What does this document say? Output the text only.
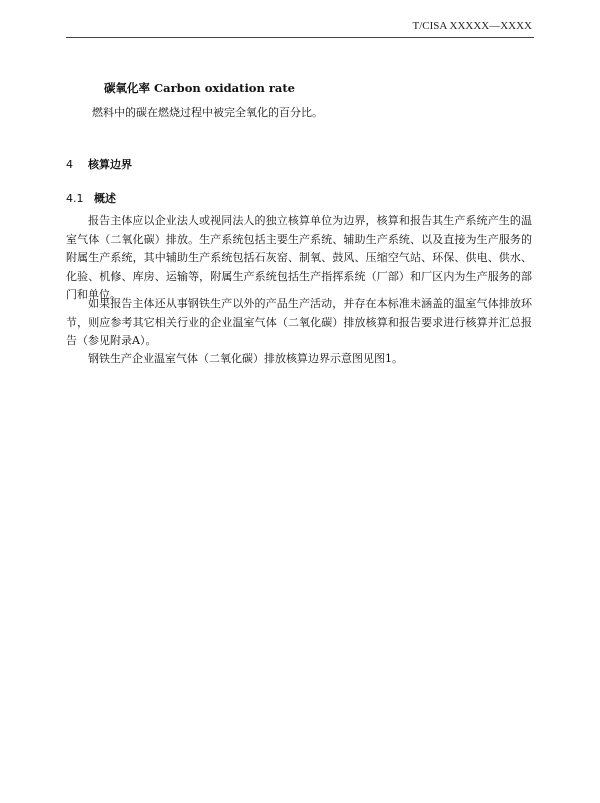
T/CISA XXXXX—XXXX
碳氧化率 Carbon oxidation rate
燃料中的碳在燃烧过程中被完全氧化的百分比。
4 核算边界
4.1 概述

报告主体应以企业法人或视同法人的独立核算单位为边界，核算和报告其生产系统产生的温室气体（二氧化碳）排放。生产系统包括主要生产系统、辅助生产系统、以及直接为生产服务的附属生产系统，其中辅助生产系统包括石灰窑、制氧、鼓风、压缩空气站、环保、供电、供水、化验、机修、库房、运输等，附属生产系统包括生产指挥系统（厂部）和厂区内为生产服务的部门和单位。

如果报告主体还从事钢铁生产以外的产品生产活动，并存在本标准未涵盖的温室气体排放环节，则应参考其它相关行业的企业温室气体（二氧化碳）排放核算和报告要求进行核算并汇总报告（参见附录A）。

钢铁生产企业温室气体（二氧化碳）排放核算边界示意图见图1。
